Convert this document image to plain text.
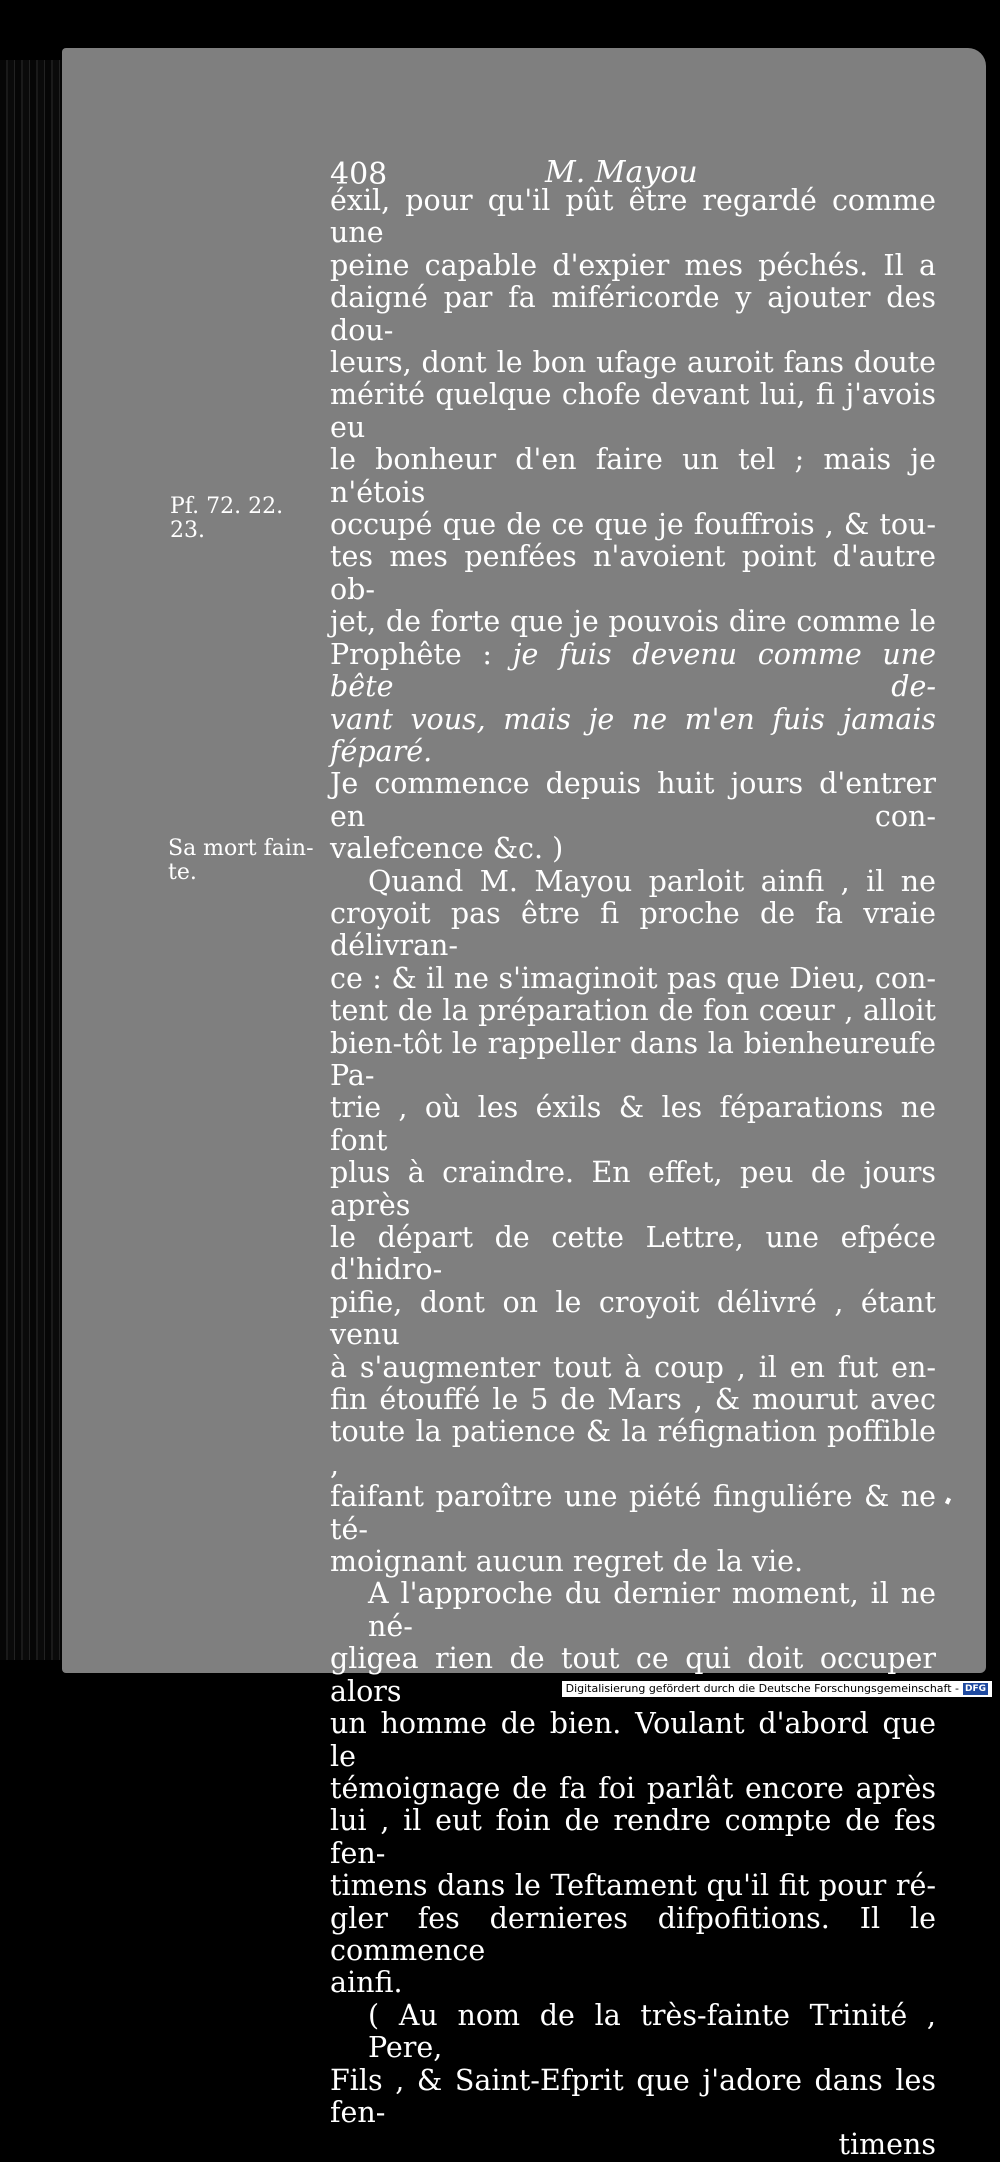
408	M. Mayou
Pf. 72. 22.
23.
Sa mort fain-
te.
éxil, pour qu'il pût être regardé comme une
peine capable d'expier mes péchés. Il a
daigné par fa miféricorde y ajouter des dou-
leurs, dont le bon ufage auroit fans doute
mérité quelque chofe devant lui, fi j'avois eu
le bonheur d'en faire un tel ; mais je n'étois
occupé que de ce que je fouffrois , & tou-
tes mes penfées n'avoient point d'autre ob-
jet, de forte que je pouvois dire comme le
Prophête : je fuis devenu comme une bête de-
vant vous, mais je ne m'en fuis jamais féparé.
Je commence depuis huit jours d'entrer en con-
valefcence &c. )
Quand M. Mayou parloit ainfi , il ne
croyoit pas être fi proche de fa vraie délivran-
ce : & il ne s'imaginoit pas que Dieu, con-
tent de la préparation de fon cœur , alloit
bien-tôt le rappeller dans la bienheureufe Pa-
trie , où les éxils & les féparations ne font
plus à craindre. En effet, peu de jours après
le départ de cette Lettre, une efpéce d'hidro-
pifie, dont on le croyoit délivré , étant venu
à s'augmenter tout à coup , il en fut en-
fin étouffé le 5 de Mars , & mourut avec
toute la patience & la réfignation poffible ,
faifant paroître une piété finguliére & ne té-
moignant aucun regret de la vie.
A l'approche du dernier moment, il ne né-
gligea rien de tout ce qui doit occuper alors
un homme de bien. Voulant d'abord que le
témoignage de fa foi parlât encore après
lui , il eut foin de rendre compte de fes fen-
timens dans le Teftament qu'il fit pour ré-
gler fes dernieres difpofitions. Il le commence
ainfi.
( Au nom de la très-fainte Trinité , Pere,
Fils , & Saint-Efprit que j'adore dans les fen-
timens
Digitalisierung gefördert durch die Deutsche Forschungsgemeinschaft - DFG
